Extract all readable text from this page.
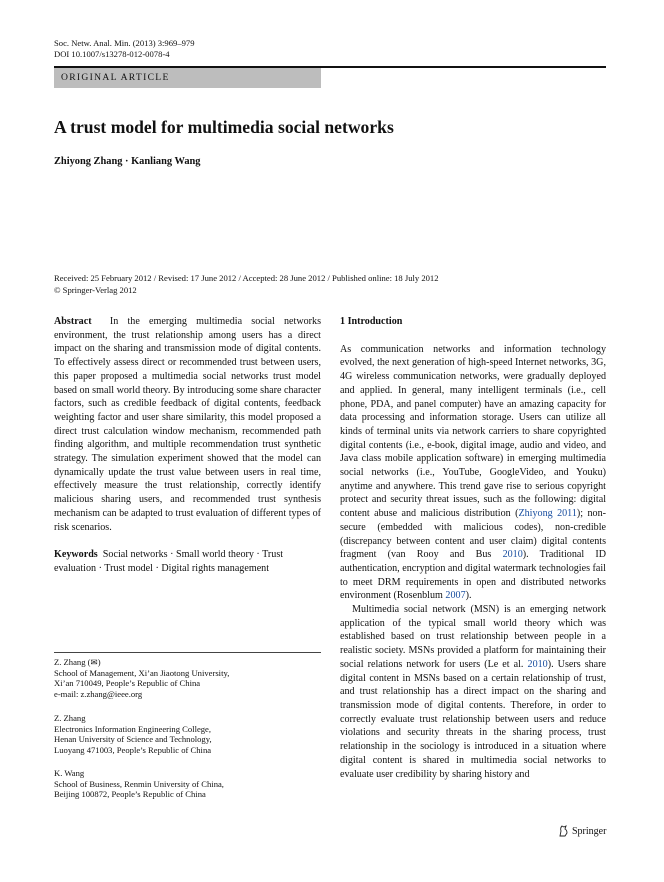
Soc. Netw. Anal. Min. (2013) 3:969–979
DOI 10.1007/s13278-012-0078-4
ORIGINAL ARTICLE
A trust model for multimedia social networks
Zhiyong Zhang · Kanliang Wang
Received: 25 February 2012 / Revised: 17 June 2012 / Accepted: 28 June 2012 / Published online: 18 July 2012
© Springer-Verlag 2012

Abstract In the emerging multimedia social networks environment, the trust relationship among users has a direct impact on the sharing and transmission mode of digital contents. To effectively assess direct or recommended trust between users, this paper proposed a multimedia social networks trust model based on small world theory. By introducing some share character factors, such as credible feedback of digital contents, feedback weighting factor and user share similarity, this model proposed a direct trust calculation window mechanism, recommended path finding algorithm, and multiple recommendation trust synthetic strategy. The simulation experiment showed that the model can dynamically update the trust value between users in real time, effectively measure the trust relationship, correctly identify malicious sharing users, and recommended trust synthesis mechanism can be adapted to trust evaluation of different types of risk scenarios.

Keywords Social networks · Small world theory · Trust evaluation · Trust model · Digital rights management

Z. Zhang (✉)
School of Management, Xi’an Jiaotong University,
Xi’an 710049, People’s Republic of China
e-mail: z.zhang@ieee.org
Z. Zhang
Electronics Information Engineering College,
Henan University of Science and Technology,
Luoyang 471003, People’s Republic of China
K. Wang
School of Business, Renmin University of China,
Beijing 100872, People’s Republic of China

1 Introduction

As communication networks and information technology evolved, the next generation of high-speed Internet networks, 3G, 4G wireless communication networks, were gradually deployed and applied. In general, many intelligent terminals (i.e., cell phone, PDA, and panel computer) have an amazing capacity for data processing and information storage. Users can utilize all kinds of terminal units via network carriers to share copyrighted digital contents (i.e., e-book, digital image, audio and video, and Java class mobile application software) in emerging multimedia social networks (i.e., YouTube, GoogleVideo, and Youku) anytime and anywhere. This trend gave rise to serious copyright protect and security threat issues, such as the following: digital content abuse and malicious distribution (Zhiyong 2011); non-secure (embedded with malicious codes), non-credible (discrepancy between content and user claim) digital contents fragment (van Rooy and Bus 2010). Traditional ID authentication, encryption and digital watermark technologies fail to meet DRM requirements in open and distributed networks environment (Rosenblum 2007).

Multimedia social network (MSN) is an emerging network application of the typical small world theory which was established based on trust relationship between people in a realistic society. MSNs provided a platform for maintaining their social relations network for users (Le et al. 2010). Users share digital content in MSNs based on a certain relationship of trust, and trust relationship has a direct impact on the sharing and transmission mode of digital contents. Therefore, in order to correctly evaluate trust relationship between users and reduce violations and security threats in the sharing process, trust relationship in the sociology is introduced in a situation where digital content is shared in multimedia social networks to evaluate user credibility by sharing history and

Springer
